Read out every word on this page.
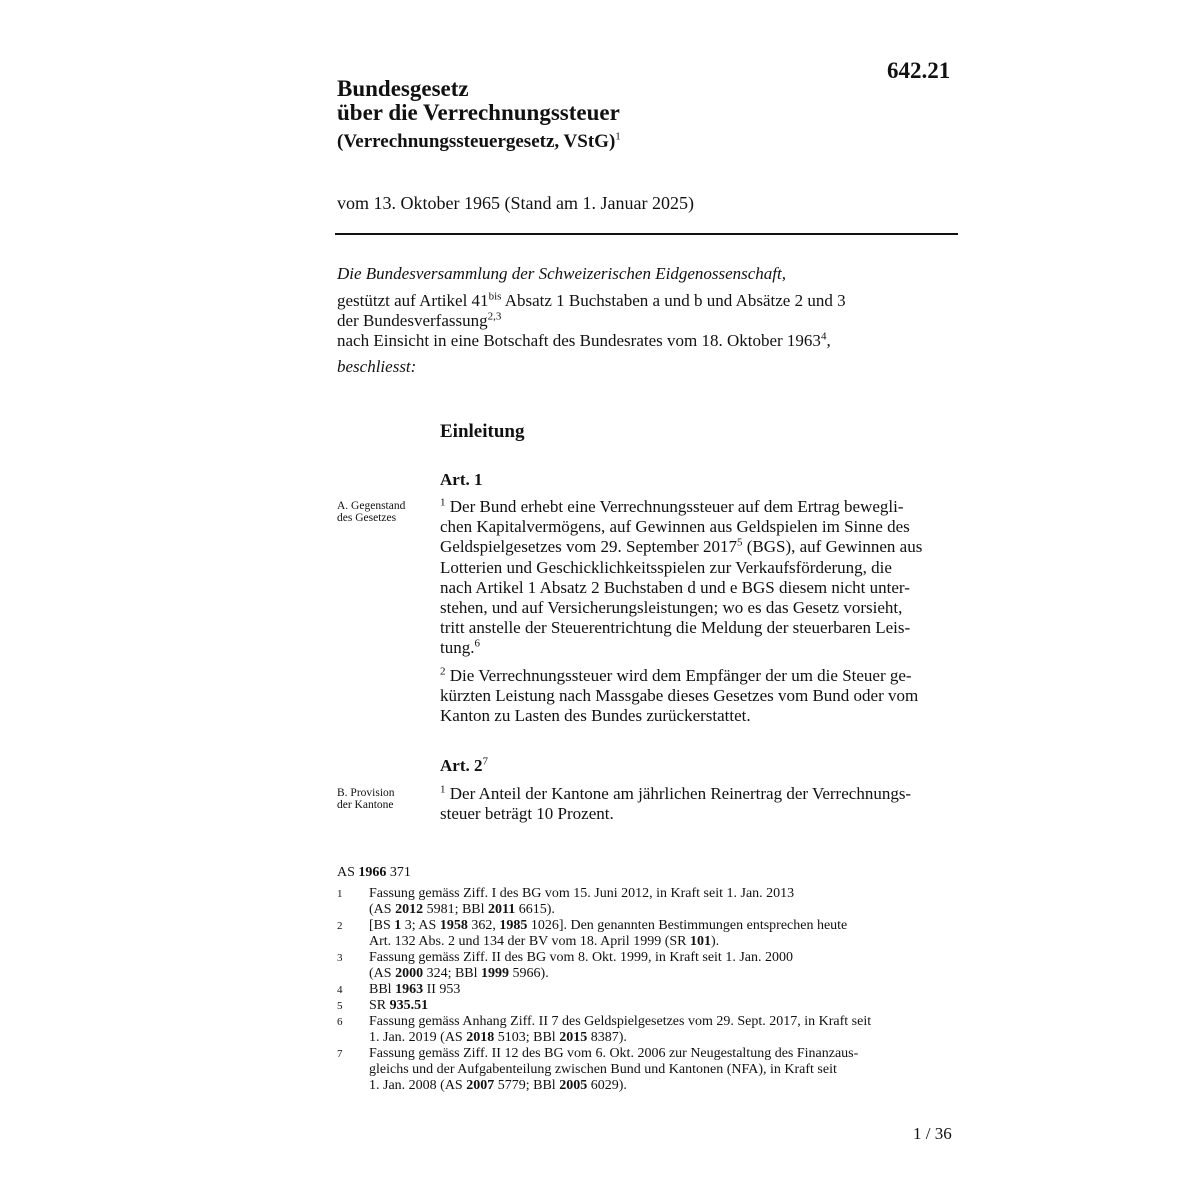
642.21
Bundesgesetz
über die Verrechnungssteuer
(Verrechnungssteuergesetz, VStG)$^1$
vom 13. Oktober 1965 (Stand am 1. Januar 2025)
Die Bundesversammlung der Schweizerischen Eidgenossenschaft,
gestützt auf Artikel $41^{bis}$ Absatz 1 Buchstaben a und b und Absätze 2 und 3
der Bundesverfassung$^{2,3}$
nach Einsicht in eine Botschaft des Bundesrates vom 18. Oktober 1963$^4$,
beschliesst:
Einleitung
Art. 1
A. Gegenstand
des Gesetzes
$^1$ Der Bund erhebt eine Verrechnungssteuer auf dem Ertrag bewegli-
chen Kapitalvermögens, auf Gewinnen aus Geldspielen im Sinne des
Geldspielgesetzes vom 29. September 2017$^5$ (BGS), auf Gewinnen aus
Lotterien und Geschicklichkeitsspielen zur Verkaufsförderung, die
nach Artikel 1 Absatz 2 Buchstaben d und e BGS diesem nicht unter-
stehen, und auf Versicherungsleistungen; wo es das Gesetz vorsieht,
tritt anstelle der Steuerentrichtung die Meldung der steuerbaren Leis-
tung.$^6$
$^2$ Die Verrechnungssteuer wird dem Empfänger der um die Steuer ge-
kürzten Leistung nach Massgabe dieses Gesetzes vom Bund oder vom
Kanton zu Lasten des Bundes zurückerstattet.
Art. $2^7$
B. Provision
der Kantone
$^1$ Der Anteil der Kantone am jährlichen Reinertrag der Verrechnungs-
steuer beträgt 10 Prozent.
AS 1966 371
1 Fassung gemäss Ziff. I des BG vom 15. Juni 2012, in Kraft seit 1. Jan. 2013
(AS 2012 5981; BBl 2011 6615).
2 [BS 1 3; AS 1958 362, 1985 1026]. Den genannten Bestimmungen entsprechen heute
Art. 132 Abs. 2 und 134 der BV vom 18. April 1999 (SR 101).
3 Fassung gemäss Ziff. II des BG vom 8. Okt. 1999, in Kraft seit 1. Jan. 2000
(AS 2000 324; BBl 1999 5966).
4 BBl 1963 II 953
5 SR 935.51
6 Fassung gemäss Anhang Ziff. II 7 des Geldspielgesetzes vom 29. Sept. 2017, in Kraft seit
1. Jan. 2019 (AS 2018 5103; BBl 2015 8387).
7 Fassung gemäss Ziff. II 12 des BG vom 6. Okt. 2006 zur Neugestaltung des Finanzaus-
gleichs und der Aufgabenteilung zwischen Bund und Kantonen (NFA), in Kraft seit
1. Jan. 2008 (AS 2007 5779; BBl 2005 6029).
1 / 36
